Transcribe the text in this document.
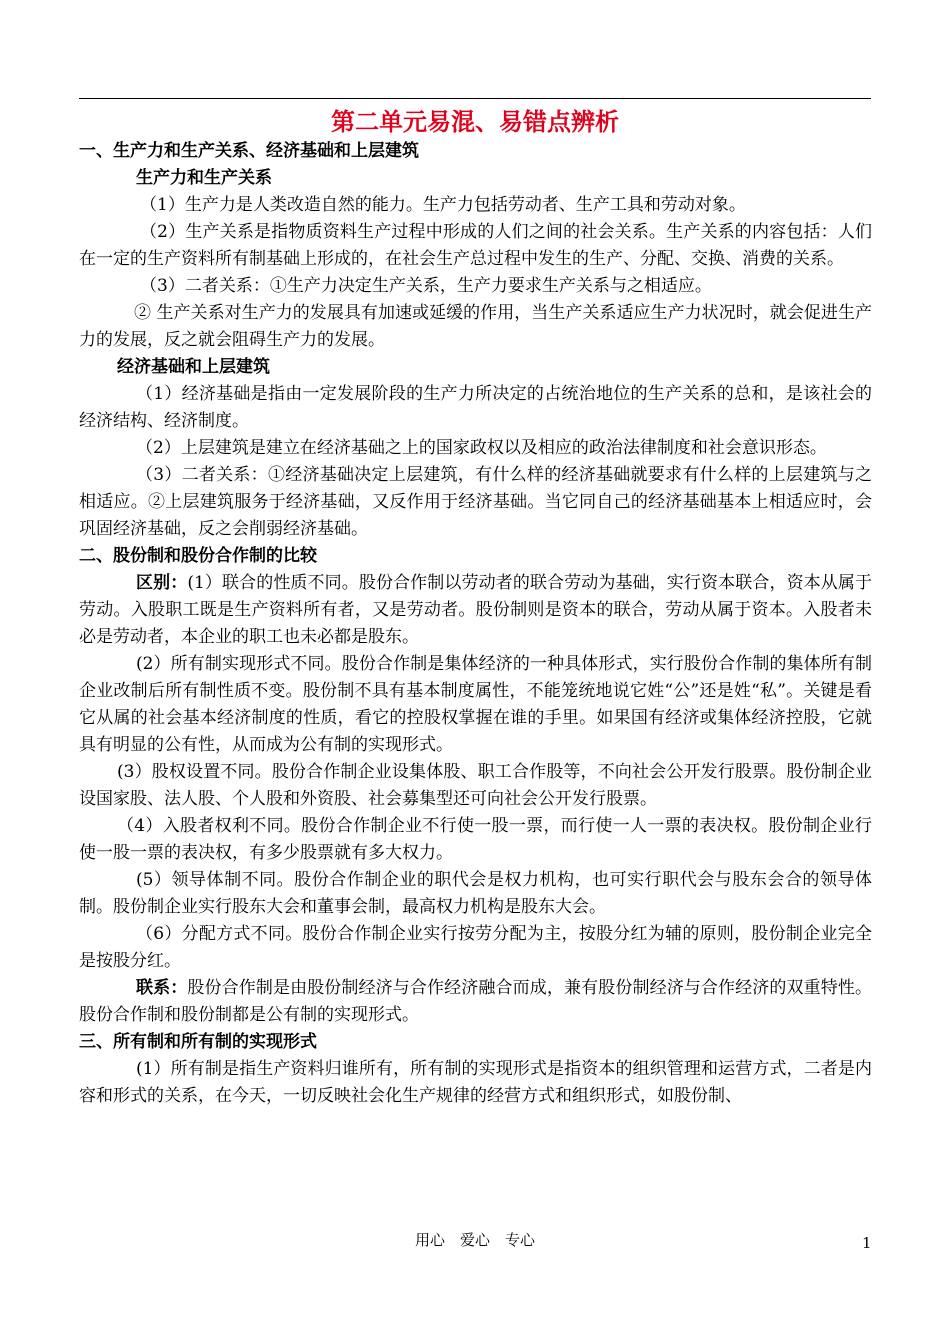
第二单元易混、易错点辨析

一、生产力和生产关系、经济基础和上层建筑

生产力和生产关系

（1）生产力是人类改造自然的能力。生产力包括劳动者、生产工具和劳动对象。

（2）生产关系是指物质资料生产过程中形成的人们之间的社会关系。生产关系的内容包括：人们在一定的生产资料所有制基础上形成的，在社会生产总过程中发生的生产、分配、交换、消费的关系。

（3）二者关系：①生产力决定生产关系，生产力要求生产关系与之相适应。

② 生产关系对生产力的发展具有加速或延缓的作用，当生产关系适应生产力状况时，就会促进生产力的发展，反之就会阻碍生产力的发展。

经济基础和上层建筑

（1）经济基础是指由一定发展阶段的生产力所决定的占统治地位的生产关系的总和，是该社会的经济结构、经济制度。

（2）上层建筑是建立在经济基础之上的国家政权以及相应的政治法律制度和社会意识形态。

（3）二者关系：①经济基础决定上层建筑，有什么样的经济基础就要求有什么样的上层建筑与之相适应。②上层建筑服务于经济基础，又反作用于经济基础。当它同自己的经济基础基本上相适应时，会巩固经济基础，反之会削弱经济基础。

二、股份制和股份合作制的比较

区别：(1）联合的性质不同。股份合作制以劳动者的联合劳动为基础，实行资本联合，资本从属于劳动。入股职工既是生产资料所有者，又是劳动者。股份制则是资本的联合，劳动从属于资本。入股者未必是劳动者，本企业的职工也未必都是股东。

(2）所有制实现形式不同。股份合作制是集体经济的一种具体形式，实行股份合作制的集体所有制企业改制后所有制性质不变。股份制不具有基本制度属性，不能笼统地说它姓“公”还是姓“私”。关键是看它从属的社会基本经济制度的性质，看它的控股权掌握在谁的手里。如果国有经济或集体经济控股，它就具有明显的公有性，从而成为公有制的实现形式。

(3）股权设置不同。股份合作制企业设集体股、职工合作股等，不向社会公开发行股票。股份制企业设国家股、法人股、个人股和外资股、社会募集型还可向社会公开发行股票。

（4）入股者权利不同。股份合作制企业不行使一股一票，而行使一人一票的表决权。股份制企业行使一股一票的表决权，有多少股票就有多大权力。

(5）领导体制不同。股份合作制企业的职代会是权力机构，也可实行职代会与股东会合的领导体制。股份制企业实行股东大会和董事会制，最高权力机构是股东大会。

（6）分配方式不同。股份合作制企业实行按劳分配为主，按股分红为辅的原则，股份制企业完全是按股分红。

联系：股份合作制是由股份制经济与合作经济融合而成，兼有股份制经济与合作经济的双重特性。股份合作制和股份制都是公有制的实现形式。

三、所有制和所有制的实现形式

(1）所有制是指生产资料归谁所有，所有制的实现形式是指资本的组织管理和运营方式，二者是内容和形式的关系，在今天，一切反映社会化生产规律的经营方式和组织形式，如股份制、

用心　爱心　专心	1
